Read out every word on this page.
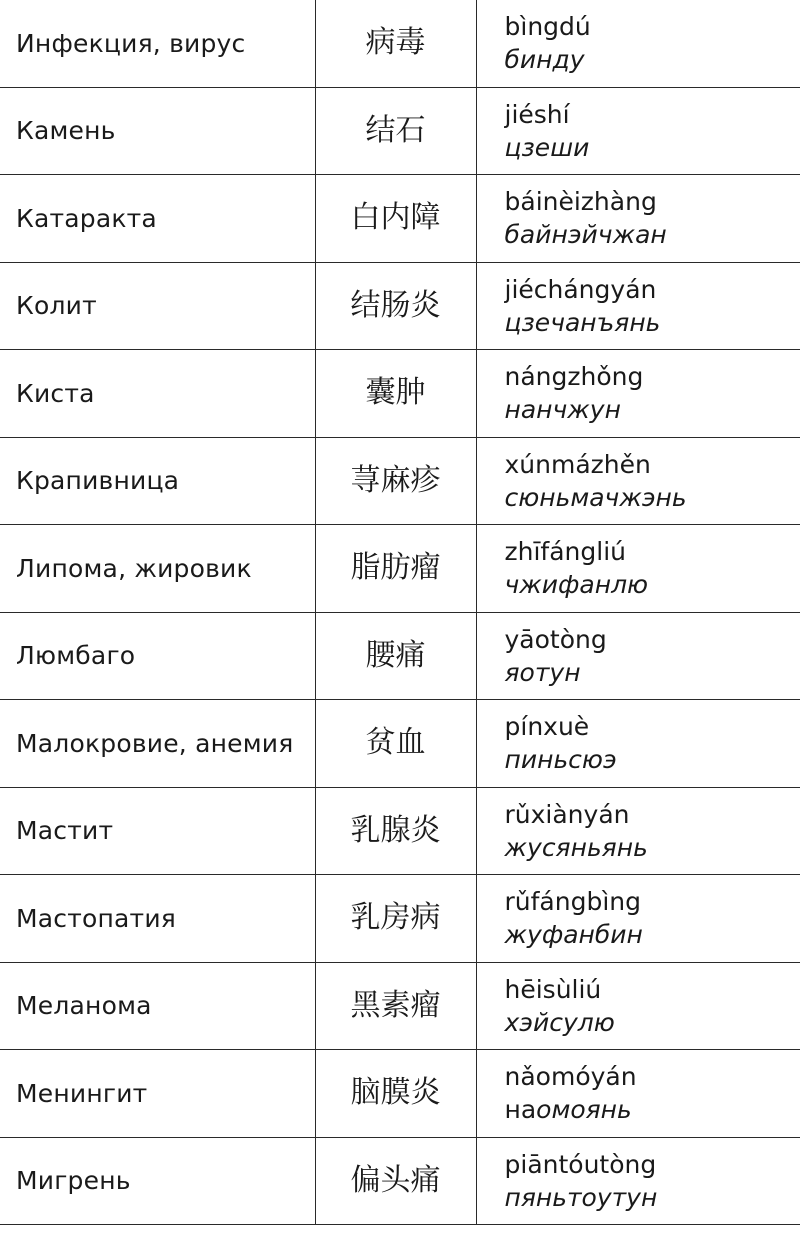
Инфекция, вирус	病毒	bìngdú
бинду

Камень	结石	jiéshí
цзеши

Катаракта	白内障	báinèizhàng
байнэйчжан

Колит	结肠炎	jiéchángyán
цзечанъянь

Киста	囊肿	nángzhǒng
нанчжун

Крапивница	荨麻疹	xúnmázhěn
сюньмачжэнь

Липома, жировик	脂肪瘤	zhīfángliú
чжифанлю

Люмбаго	腰痛	yāotòng
яотун

Малокровие, анемия	贫血	pínxuè
пиньсюэ

Мастит	乳腺炎	rǔxiànyán
жусяньянь

Мастопатия	乳房病	rǔfángbìng
жуфанбин

Меланома	黑素瘤	hēisùliú
хэйсулю

Менингит	脑膜炎	nǎomóyán
наомоянь

Мигрень	偏头痛	piāntóutòng
пяньтоутун
